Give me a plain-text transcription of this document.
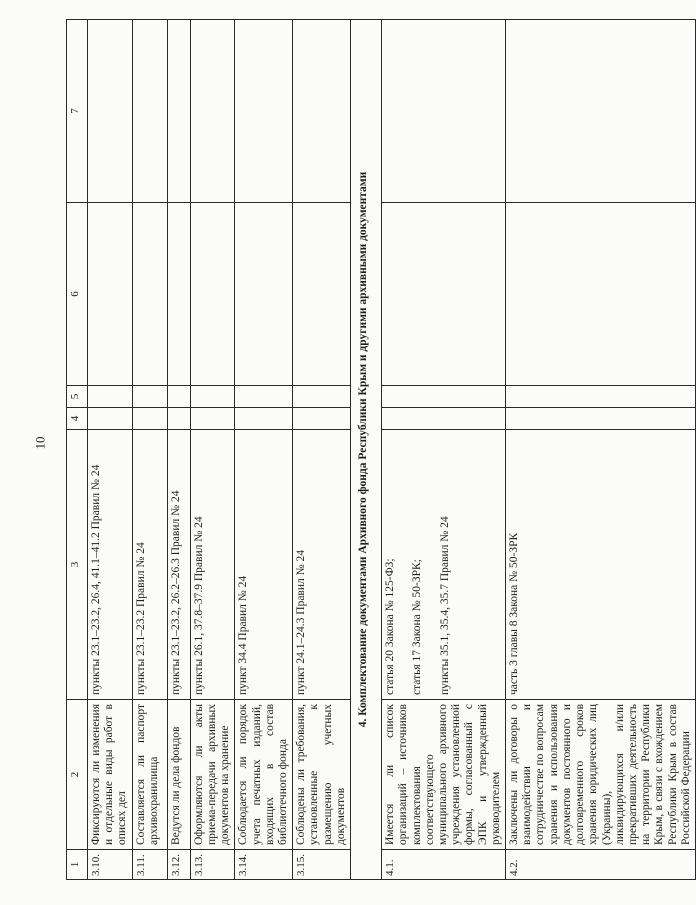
10
1	2	3	4	5	6	7
3.10.	Фиксируются ли изменения и отдельные виды работ в описях дел	пункты 23.1–23.2, 26.4, 41.1–41.2 Правил № 24				
3.11.	Составляется ли паспорт архивохранилища	пункты 23.1–23.2 Правил № 24				
3.12.	Ведутся ли дела фондов	пункты 23.1–23.2, 26.2–26.3 Правил № 24				
3.13.	Оформляются ли акты приема-передачи архивных документов на хранение	пункты 26.1, 37.8–37.9 Правил № 24				
3.14.	Соблюдается ли порядок учета печатных изданий, входящих в состав библиотечного фонда	пункт 34.4 Правил № 24				
3.15.	Соблюдены ли требования, установленные к размещению учетных документов	пункт 24.1–24.3 Правил № 24				
4. Комплектование документами Архивного фонда Республики Крым и другими архивными документами						
4.1.	Имеется ли список организаций – источников комплектования соответствующего муниципального архивного учреждения установленной формы, согласованный с ЭПК и утвержденный руководителем	статья 20 Закона № 125-ФЗ; статья 17 Закона № 50-ЗРК; пункты 35.1, 35.4, 35.7 Правил № 24				

4.2.	Заключены ли договоры о взаимодействии и сотрудничестве по вопросам хранения и использования документов постоянного и долговременного сроков хранения юридических лиц (Украины), ликвидирующихся и/или прекративших деятельность на территории Республики Крым, в связи с вхождением Республики Крым в состав Российской Федерации	часть 3 главы 8 Закона № 50-ЗРК				
